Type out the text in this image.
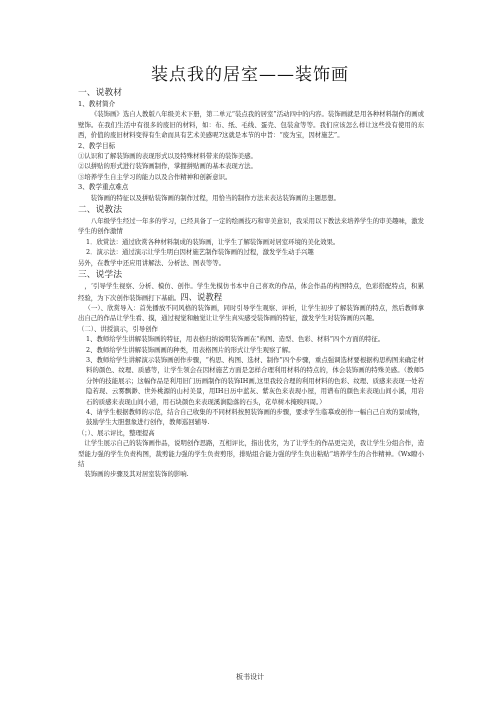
装点我的居室——装饰画
一、说教材
1、教材简介

《装饰画》选自人教版八年级美术下册，第二单元“装点我的居室”活动四中的内容。装饰画就是用各种材料制作的画或壁饰。在我们生活中有很多的废旧的材料，如：布、纸、毛线、蛋壳、包装盒等等。我们应该怎么样让这些没有使用的东西，价值的废旧材料变得有生命而具有艺术美感呢?这就是本节的中旨：“废为宝，因材施艺”。

2、教学目标

①认识和了解装饰画的表现形式以及特殊材料带来的装饰美感。

②以拼贴的形式进行装饰画制作，掌握拼贴画的基本表现方法。

③培养学生自主学习的能力以及合作精神和创新意识。

3、教学重点难点

装饰画的特征以及拼贴装饰画的制作过程，用恰当的制作方法来表达装饰画的主题思想。

二、说教法

八年级学生经过一年多的学习，已经具备了一定的绘画技巧和审美意识，我采用以下教法来培养学生的审美趣味，激发学生的创作激情

1．欣赏法：通过欣赏各种材料制成的装饰画，让学生了解装饰画对居室环境的美化效果。

2．演示法：通过演示让学生明白因材施艺制作装饰画的过程，激发学生动手兴趣

另外，在教学中还应用讲解法、分析法、图表等等。

三、说学法

，‘引导学生视察、分析、模仿、创作。学生先模仿书本中自己喜欢的作品，体会作品的构图特点，色彩搭配特点，积累经验，为下次创作装饰画打下基础。四、说教程

（一）、欣赏导入：首先播放不同风格的装饰画，同时引导学生观察、评析，让学生初步了解装饰画的特点，然后教师拿出自己的作品让学生看、摸，通过视觉和触觉让让学生真实感受装饰画的特征，激发学生对装饰画的兴趣。

（二）、讲授演示，引导创作

1、教师给学生讲解装饰画的特征，用表格归纳说明装饰画在“构图、造型、色彩、材料”四个方面的特征。

2、教师给学生讲解装饰画画的种类，用表格图片的形式让学生观察了解。

3、教师给学生讲解演示装饰画创作步骤，“构思、构图、选材、制作”四个步骤，重点强调选材要根据构思构图来确定材料的颜色、纹理、质感等，让学生领会在因材施艺方面是怎样合理利用材料的特点的，体会装饰画的特殊美感。（教师5分钟的技能展示；这幅作品是利用旧门历画制作的装饰IH画,这里我较合理的利用材料的色彩、纹理、质感来表现一处若隐若现、云雾飘渺、世外桃源的山村美景，用IH日历中蓝灰、紫灰色来表现小屋，用谱布的颜色来表现山间小溪，用岩石的质感来表现山间小道，用石块颜色来表现溪涧隐落的石头，花草树木掩映四周。）

4、请学生根据教师的示范，结合自己收集的不同材料按照装饰画的步骤，要求学生临摹或创作一幅自己自欢的景成物，鼓励学生大胆想象进行创作，教师巡回辅导.

（；）、展示评比，整理提高

让学生展示自己的装饰画作品，说明创作思路，互相评比，指出优劣，为了让学生的作品更完美，我让学生分组合作，造型能力强的学生负责构图，裁剪能力强的学生负责剪形，排贴组合能力强的学生负出粘贴“培养学生的合作精神。《Wx瞭小结

装饰画的步骤及其对居室装饰的影响.

板书设计
